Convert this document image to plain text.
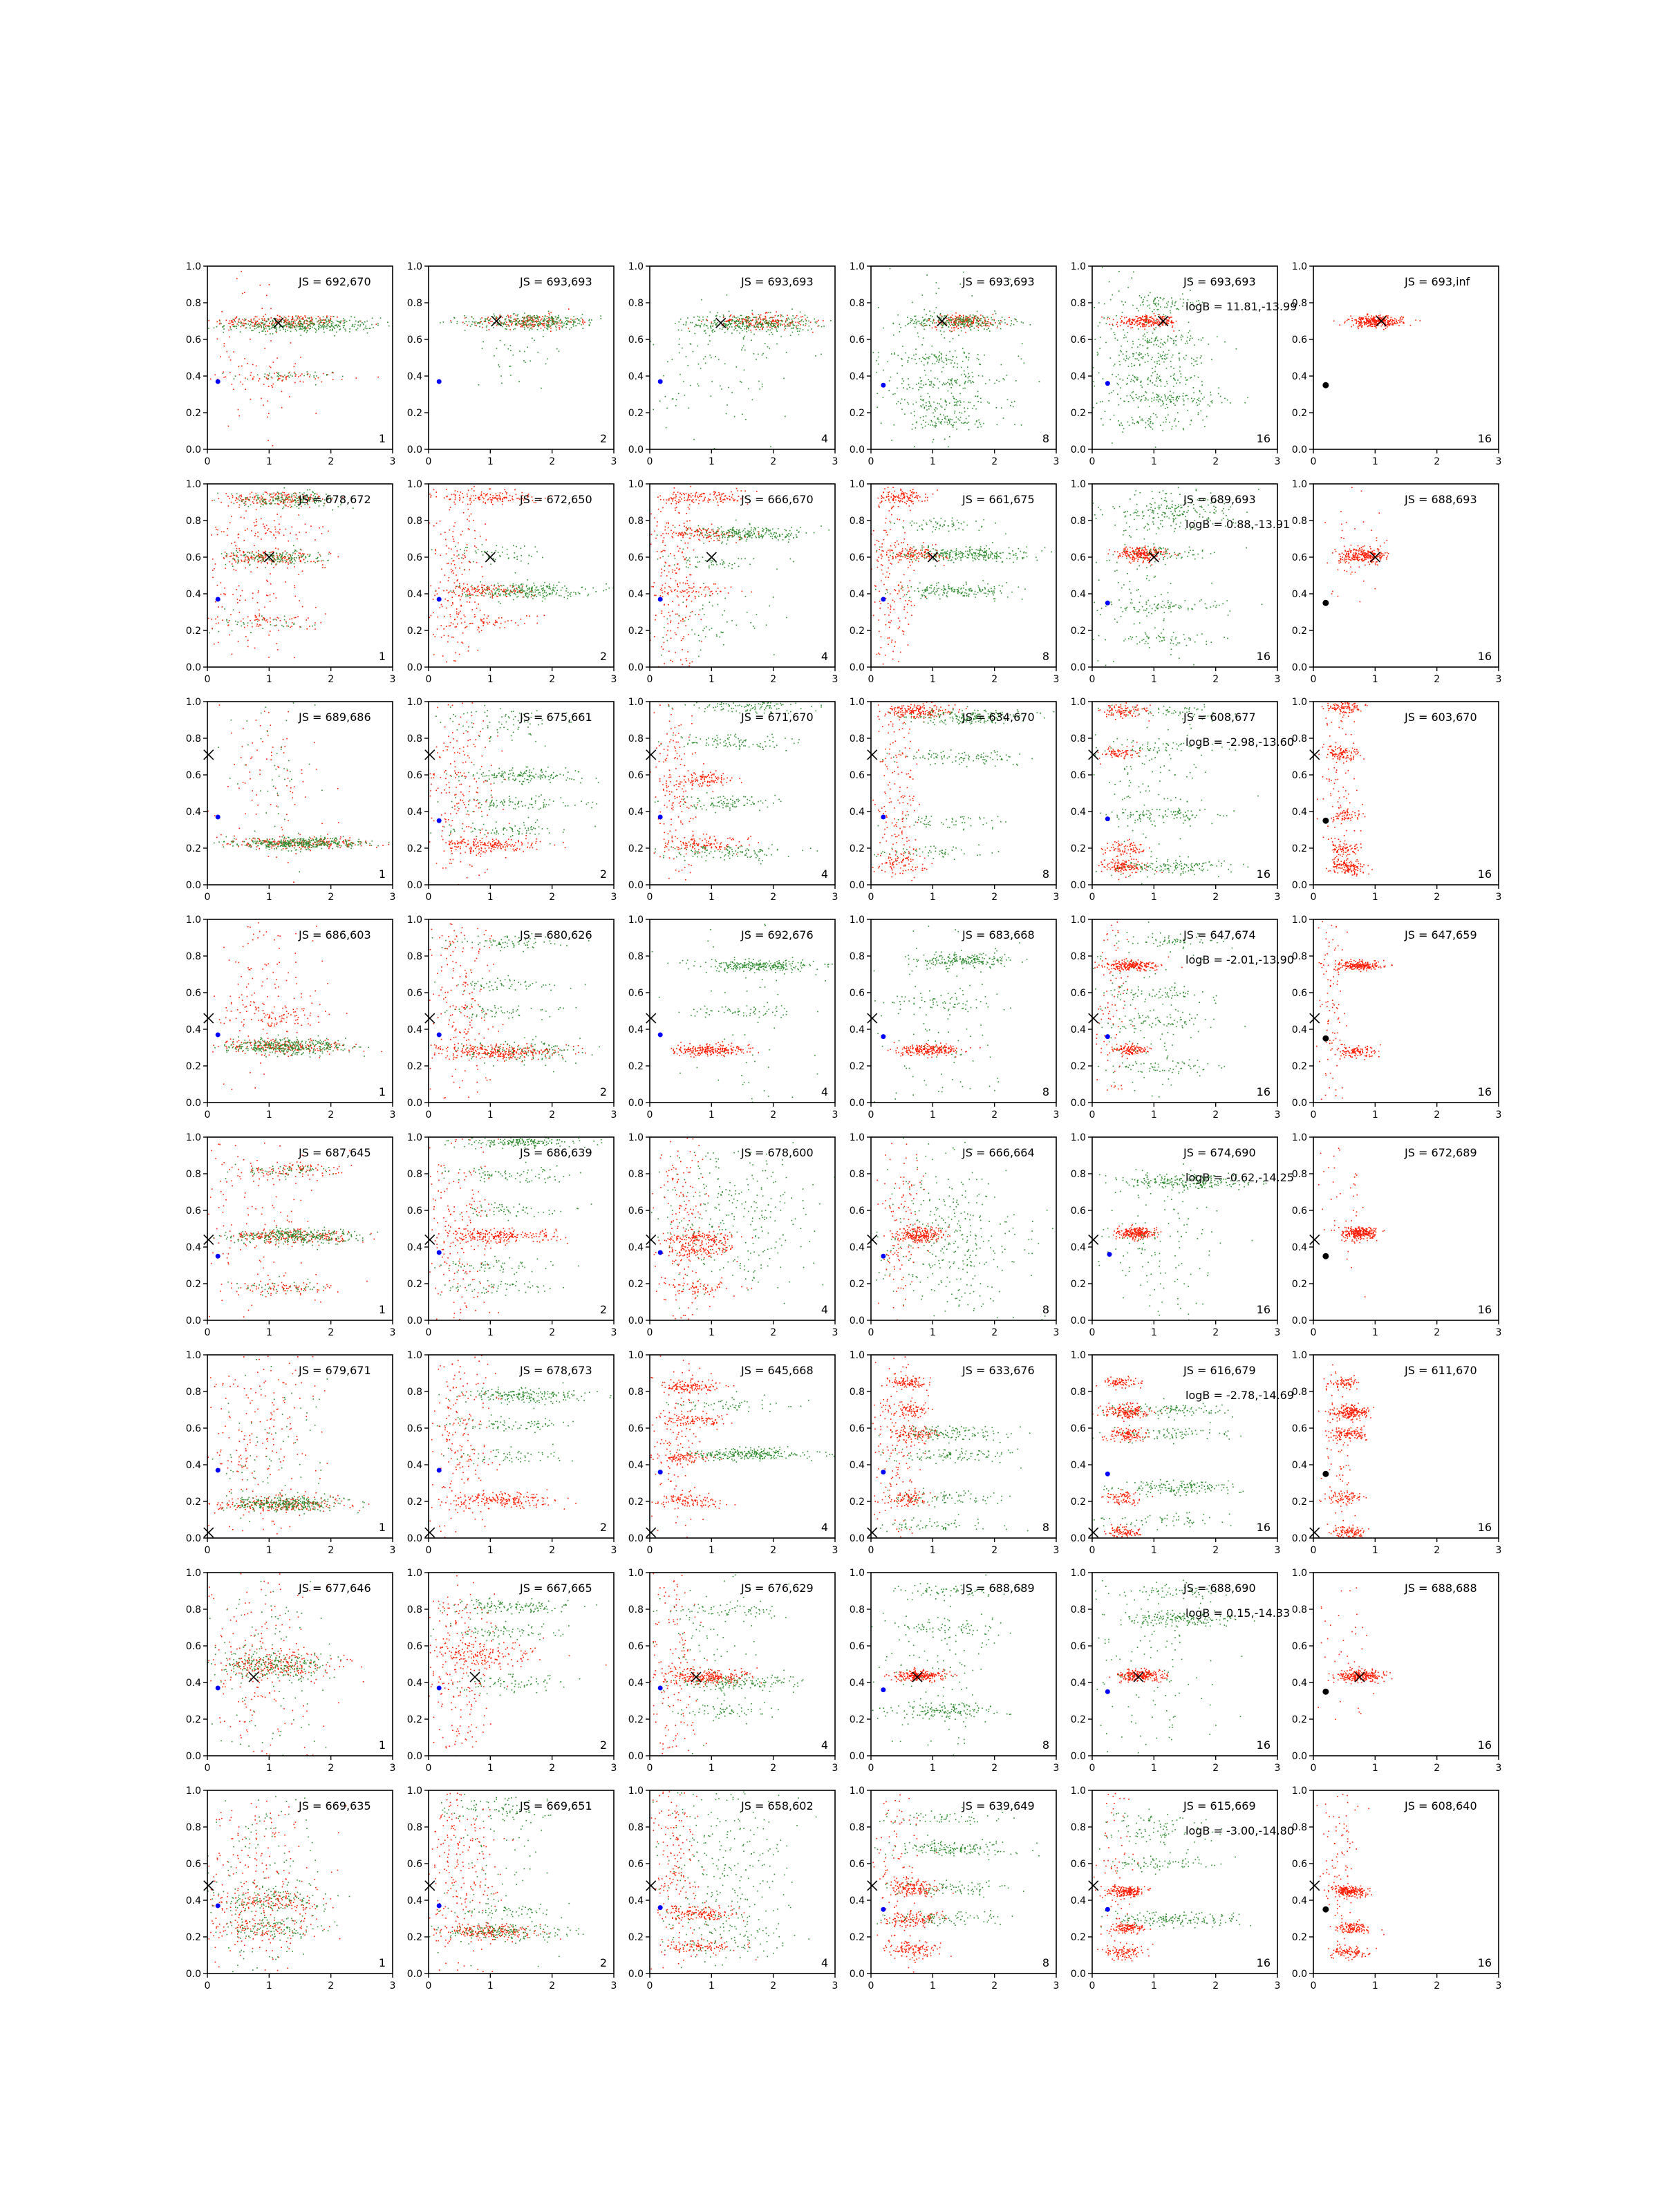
0.0
0.2
0.4
0.6
0.8
1.0
0	1	2	3
JS = 692,670
1
0.0
0.2
0.4
0.6
0.8
1.0
0	1	2	3
JS = 693,693
2
0.0
0.2
0.4
0.6
0.8
1.0
0	1	2	3
JS = 693,693
4
0.0
0.2
0.4
0.6
0.8
1.0
0	1	2	3
JS = 693,693
8
0.0
0.2
0.4
0.6
0.8
1.0
0	1	2	3
JS = 693,693
logB = 11.81,-13.99
16
0.0
0.2
0.4
0.6
0.8
1.0
0	1	2	3
JS = 693,inf
16
0.0
0.2
0.4
0.6
0.8
1.0
0	1	2	3
JS = 678,672
1
0.0
0.2
0.4
0.6
0.8
1.0
0	1	2	3
JS = 672,650
2
0.0
0.2
0.4
0.6
0.8
1.0
0	1	2	3
JS = 666,670
4
0.0
0.2
0.4
0.6
0.8
1.0
0	1	2	3
JS = 661,675
8
0.0
0.2
0.4
0.6
0.8
1.0
0	1	2	3
JS = 689,693
logB = 0.88,-13.91
16
0.0
0.2
0.4
0.6
0.8
1.0
0	1	2	3
JS = 688,693
16
0.0
0.2
0.4
0.6
0.8
1.0
0	1	2	3
JS = 689,686
1
0.0
0.2
0.4
0.6
0.8
1.0
0	1	2	3
JS = 675,661
2
0.0
0.2
0.4
0.6
0.8
1.0
0	1	2	3
JS = 671,670
4
0.0
0.2
0.4
0.6
0.8
1.0
0	1	2	3
JS = 634,670
8
0.0
0.2
0.4
0.6
0.8
1.0
0	1	2	3
JS = 608,677
logB = -2.98,-13.60
16
0.0
0.2
0.4
0.6
0.8
1.0
0	1	2	3
JS = 603,670
16
0.0
0.2
0.4
0.6
0.8
1.0
0	1	2	3
JS = 686,603
1
0.0
0.2
0.4
0.6
0.8
1.0
0	1	2	3
JS = 680,626
2
0.0
0.2
0.4
0.6
0.8
1.0
0	1	2	3
JS = 692,676
4
0.0
0.2
0.4
0.6
0.8
1.0
0	1	2	3
JS = 683,668
8
0.0
0.2
0.4
0.6
0.8
1.0
0	1	2	3
JS = 647,674
logB = -2.01,-13.90
16
0.0
0.2
0.4
0.6
0.8
1.0
0	1	2	3
JS = 647,659
16
0.0
0.2
0.4
0.6
0.8
1.0
0	1	2	3
JS = 687,645
1
0.0
0.2
0.4
0.6
0.8
1.0
0	1	2	3
JS = 686,639
2
0.0
0.2
0.4
0.6
0.8
1.0
0	1	2	3
JS = 678,600
4
0.0
0.2
0.4
0.6
0.8
1.0
0	1	2	3
JS = 666,664
8
0.0
0.2
0.4
0.6
0.8
1.0
0	1	2	3
JS = 674,690
logB = -0.62,-14.25
16
0.0
0.2
0.4
0.6
0.8
1.0
0	1	2	3
JS = 672,689
16
0.0
0.2
0.4
0.6
0.8
1.0
0	1	2	3
JS = 679,671
1
0.0
0.2
0.4
0.6
0.8
1.0
0	1	2	3
JS = 678,673
2
0.0
0.2
0.4
0.6
0.8
1.0
0	1	2	3
JS = 645,668
4
0.0
0.2
0.4
0.6
0.8
1.0
0	1	2	3
JS = 633,676
8
0.0
0.2
0.4
0.6
0.8
1.0
0	1	2	3
JS = 616,679
logB = -2.78,-14.69
16
0.0
0.2
0.4
0.6
0.8
1.0
0	1	2	3
JS = 611,670
16
0.0
0.2
0.4
0.6
0.8
1.0
0	1	2	3
JS = 677,646
1
0.0
0.2
0.4
0.6
0.8
1.0
0	1	2	3
JS = 667,665
2
0.0
0.2
0.4
0.6
0.8
1.0
0	1	2	3
JS = 676,629
4
0.0
0.2
0.4
0.6
0.8
1.0
0	1	2	3
JS = 688,689
8
0.0
0.2
0.4
0.6
0.8
1.0
0	1	2	3
JS = 688,690
logB = 0.15,-14.33
16
0.0
0.2
0.4
0.6
0.8
1.0
0	1	2	3
JS = 688,688
16
0.0
0.2
0.4
0.6
0.8
1.0
0	1	2	3
JS = 669,635
1
0.0
0.2
0.4
0.6
0.8
1.0
0	1	2	3
JS = 669,651
2
0.0
0.2
0.4
0.6
0.8
1.0
0	1	2	3
JS = 658,602
4
0.0
0.2
0.4
0.6
0.8
1.0
0	1	2	3
JS = 639,649
8
0.0
0.2
0.4
0.6
0.8
1.0
0	1	2	3
JS = 615,669
logB = -3.00,-14.80
16
0.0
0.2
0.4
0.6
0.8
1.0
0	1	2	3
JS = 608,640
16
